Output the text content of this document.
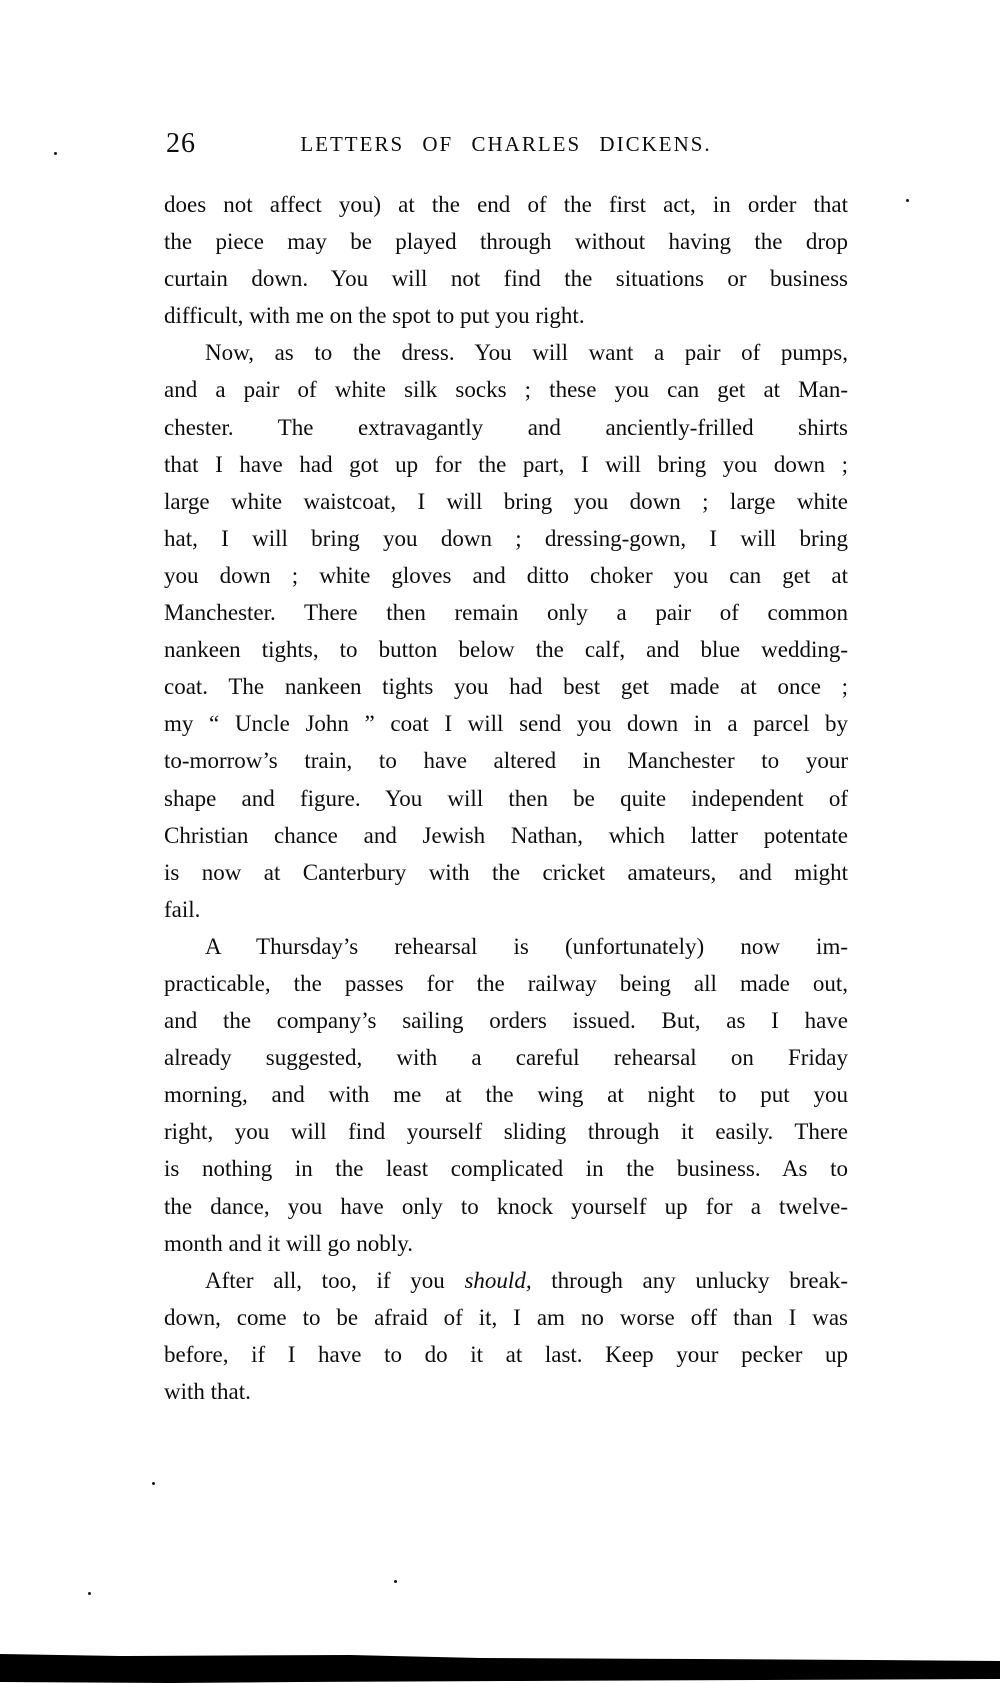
26	LETTERS OF CHARLES DICKENS.
does not affect you) at the end of the first act, in order that
the piece may be played through without having the drop
curtain down. You will not find the situations or business
difficult, with me on the spot to put you right.
Now, as to the dress. You will want a pair of pumps,
and a pair of white silk socks ; these you can get at Man-
chester. The extravagantly and anciently-frilled shirts
that I have had got up for the part, I will bring you down ;
large white waistcoat, I will bring you down ; large white
hat, I will bring you down ; dressing-gown, I will bring
you down ; white gloves and ditto choker you can get at
Manchester. There then remain only a pair of common
nankeen tights, to button below the calf, and blue wedding-
coat. The nankeen tights you had best get made at once ;
my “ Uncle John ” coat I will send you down in a parcel by
to-morrow’s train, to have altered in Manchester to your
shape and figure. You will then be quite independent of
Christian chance and Jewish Nathan, which latter potentate
is now at Canterbury with the cricket amateurs, and might
fail.
A Thursday’s rehearsal is (unfortunately) now im-
practicable, the passes for the railway being all made out,
and the company’s sailing orders issued. But, as I have
already suggested, with a careful rehearsal on Friday
morning, and with me at the wing at night to put you
right, you will find yourself sliding through it easily. There
is nothing in the least complicated in the business. As to
the dance, you have only to knock yourself up for a twelve-
month and it will go nobly.
After all, too, if you should, through any unlucky break-
down, come to be afraid of it, I am no worse off than I was
before, if I have to do it at last. Keep your pecker up
with that.
